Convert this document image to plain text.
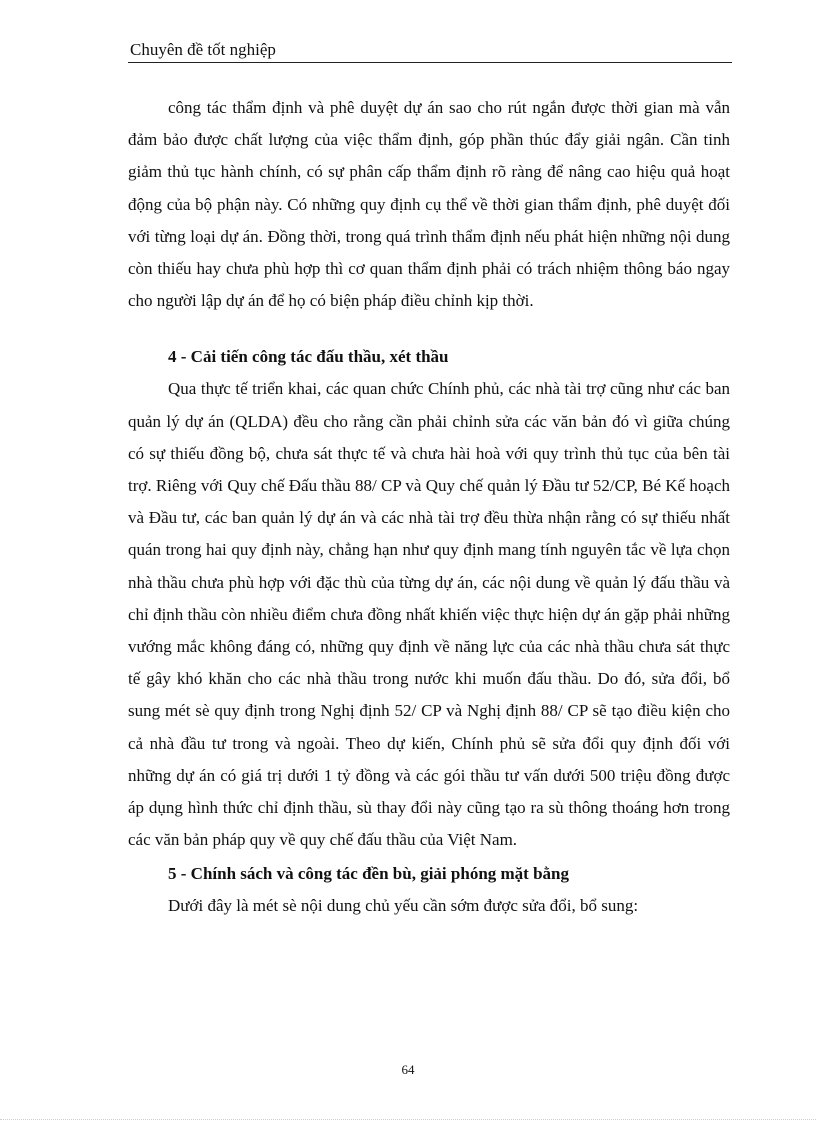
Chuyên đề tốt nghiệp

công tác thẩm định và phê duyệt dự án sao cho rút ngắn được thời gian mà vẫn đảm bảo được chất lượng của việc thẩm định, góp phần thúc đẩy giải ngân. Cần tinh giảm thủ tục hành chính, có sự phân cấp thẩm định rõ ràng để nâng cao hiệu quả hoạt động của bộ phận này. Có những quy định cụ thể về thời gian thẩm định, phê duyệt đối với từng loại dự án. Đồng thời, trong quá trình thẩm định nếu phát hiện những nội dung còn thiếu hay chưa phù hợp thì cơ quan thẩm định phải có trách nhiệm thông báo ngay cho người lập dự án để họ có biện pháp điều chỉnh kịp thời.

4 - Cải tiến công tác đấu thầu, xét thầu

Qua thực tế triển khai, các quan chức Chính phủ, các nhà tài trợ cũng như các ban quản lý dự án (QLDA) đều cho rằng cần phải chỉnh sửa các văn bản đó vì giữa chúng có sự thiếu đồng bộ, chưa sát thực tế và chưa hài hoà với quy trình thủ tục của bên tài trợ. Riêng với Quy chế Đấu thầu 88/ CP và Quy chế quản lý Đầu tư 52/CP, Bé Kế hoạch và Đầu tư, các ban quản lý dự án và các nhà tài trợ đều thừa nhận rằng có sự thiếu nhất quán trong hai quy định này, chẳng hạn như quy định mang tính nguyên tắc về lựa chọn nhà thầu chưa phù hợp với đặc thù của từng dự án, các nội dung về quản lý đấu thầu và chỉ định thầu còn nhiều điểm chưa đồng nhất khiến việc thực hiện dự án gặp phải những vướng mắc không đáng có, những quy định về năng lực của các nhà thầu chưa sát thực tế gây khó khăn cho các nhà thầu trong nước khi muốn đấu thầu. Do đó, sửa đổi, bổ sung mét sè quy định trong Nghị định 52/ CP và Nghị định 88/ CP sẽ tạo điều kiện cho cả nhà đầu tư trong và ngoài. Theo dự kiến, Chính phủ sẽ sửa đổi quy định đối với những dự án có giá trị dưới 1 tỷ đồng và các gói thầu tư vấn dưới 500 triệu đồng được áp dụng hình thức chỉ định thầu, sù thay đổi này cũng tạo ra sù thông thoáng hơn trong các văn bản pháp quy về quy chế đấu thầu của Việt Nam.

5 - Chính sách và công tác đền bù, giải phóng mặt bằng

Dưới đây là mét sè nội dung chủ yếu cần sớm được sửa đổi, bổ sung:

64
